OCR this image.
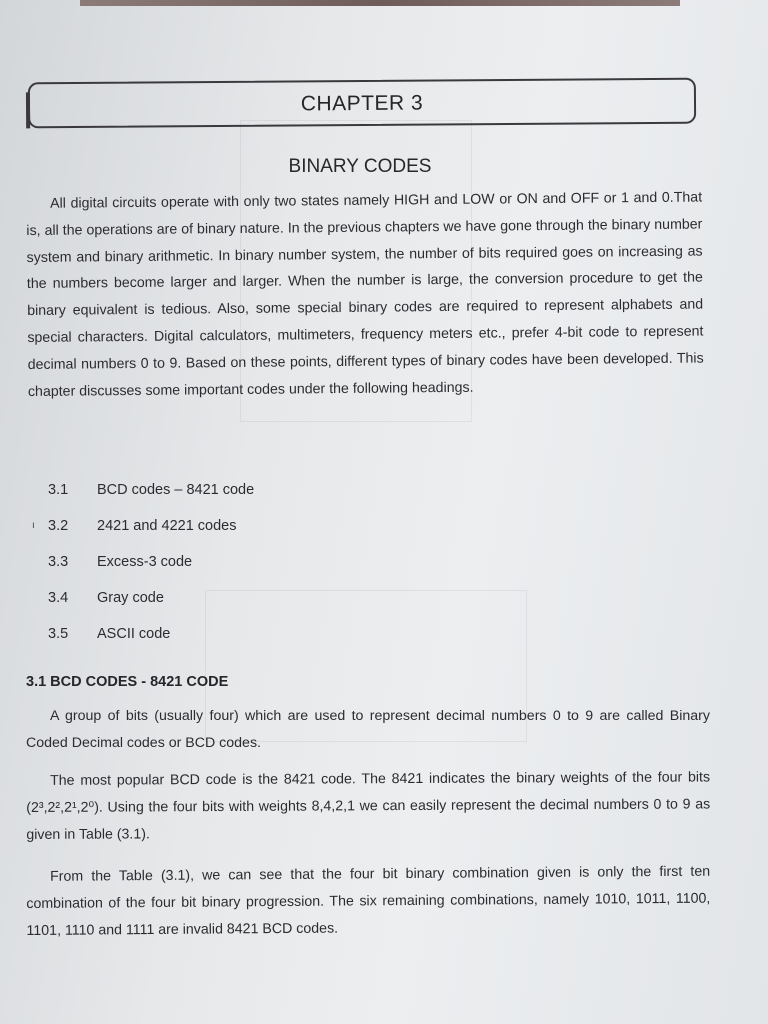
CHAPTER 3
BINARY CODES
All digital circuits operate with only two states namely HIGH and LOW or ON and OFF or 1 and 0.That is, all the operations are of binary nature. In the previous chapters we have gone through the binary number system and binary arithmetic. In binary number system, the number of bits required goes on increasing as the numbers become larger and larger. When the number is large, the conversion procedure to get the binary equivalent is tedious. Also, some special binary codes are required to represent alphabets and special characters. Digital calculators, multimeters, frequency meters etc., prefer 4-bit code to represent decimal numbers 0 to 9. Based on these points, different types of binary codes have been developed. This chapter discusses some important codes under the following headings.
3.1	BCD codes – 8421 code
ı 3.2	2421 and 4221 codes
3.3	Excess-3 code
3.4	Gray code
3.5	ASCII code
3.1 BCD CODES - 8421 CODE
A group of bits (usually four) which are used to represent decimal numbers 0 to 9 are called Binary Coded Decimal codes or BCD codes.
The most popular BCD code is the 8421 code. The 8421 indicates the binary weights of the four bits (2³,2²,2¹,2⁰). Using the four bits with weights 8,4,2,1 we can easily represent the decimal numbers 0 to 9 as given in Table (3.1).
From the Table (3.1), we can see that the four bit binary combination given is only the first ten combination of the four bit binary progression. The six remaining combinations, namely 1010, 1011, 1100, 1101, 1110 and 1111 are invalid 8421 BCD codes.
